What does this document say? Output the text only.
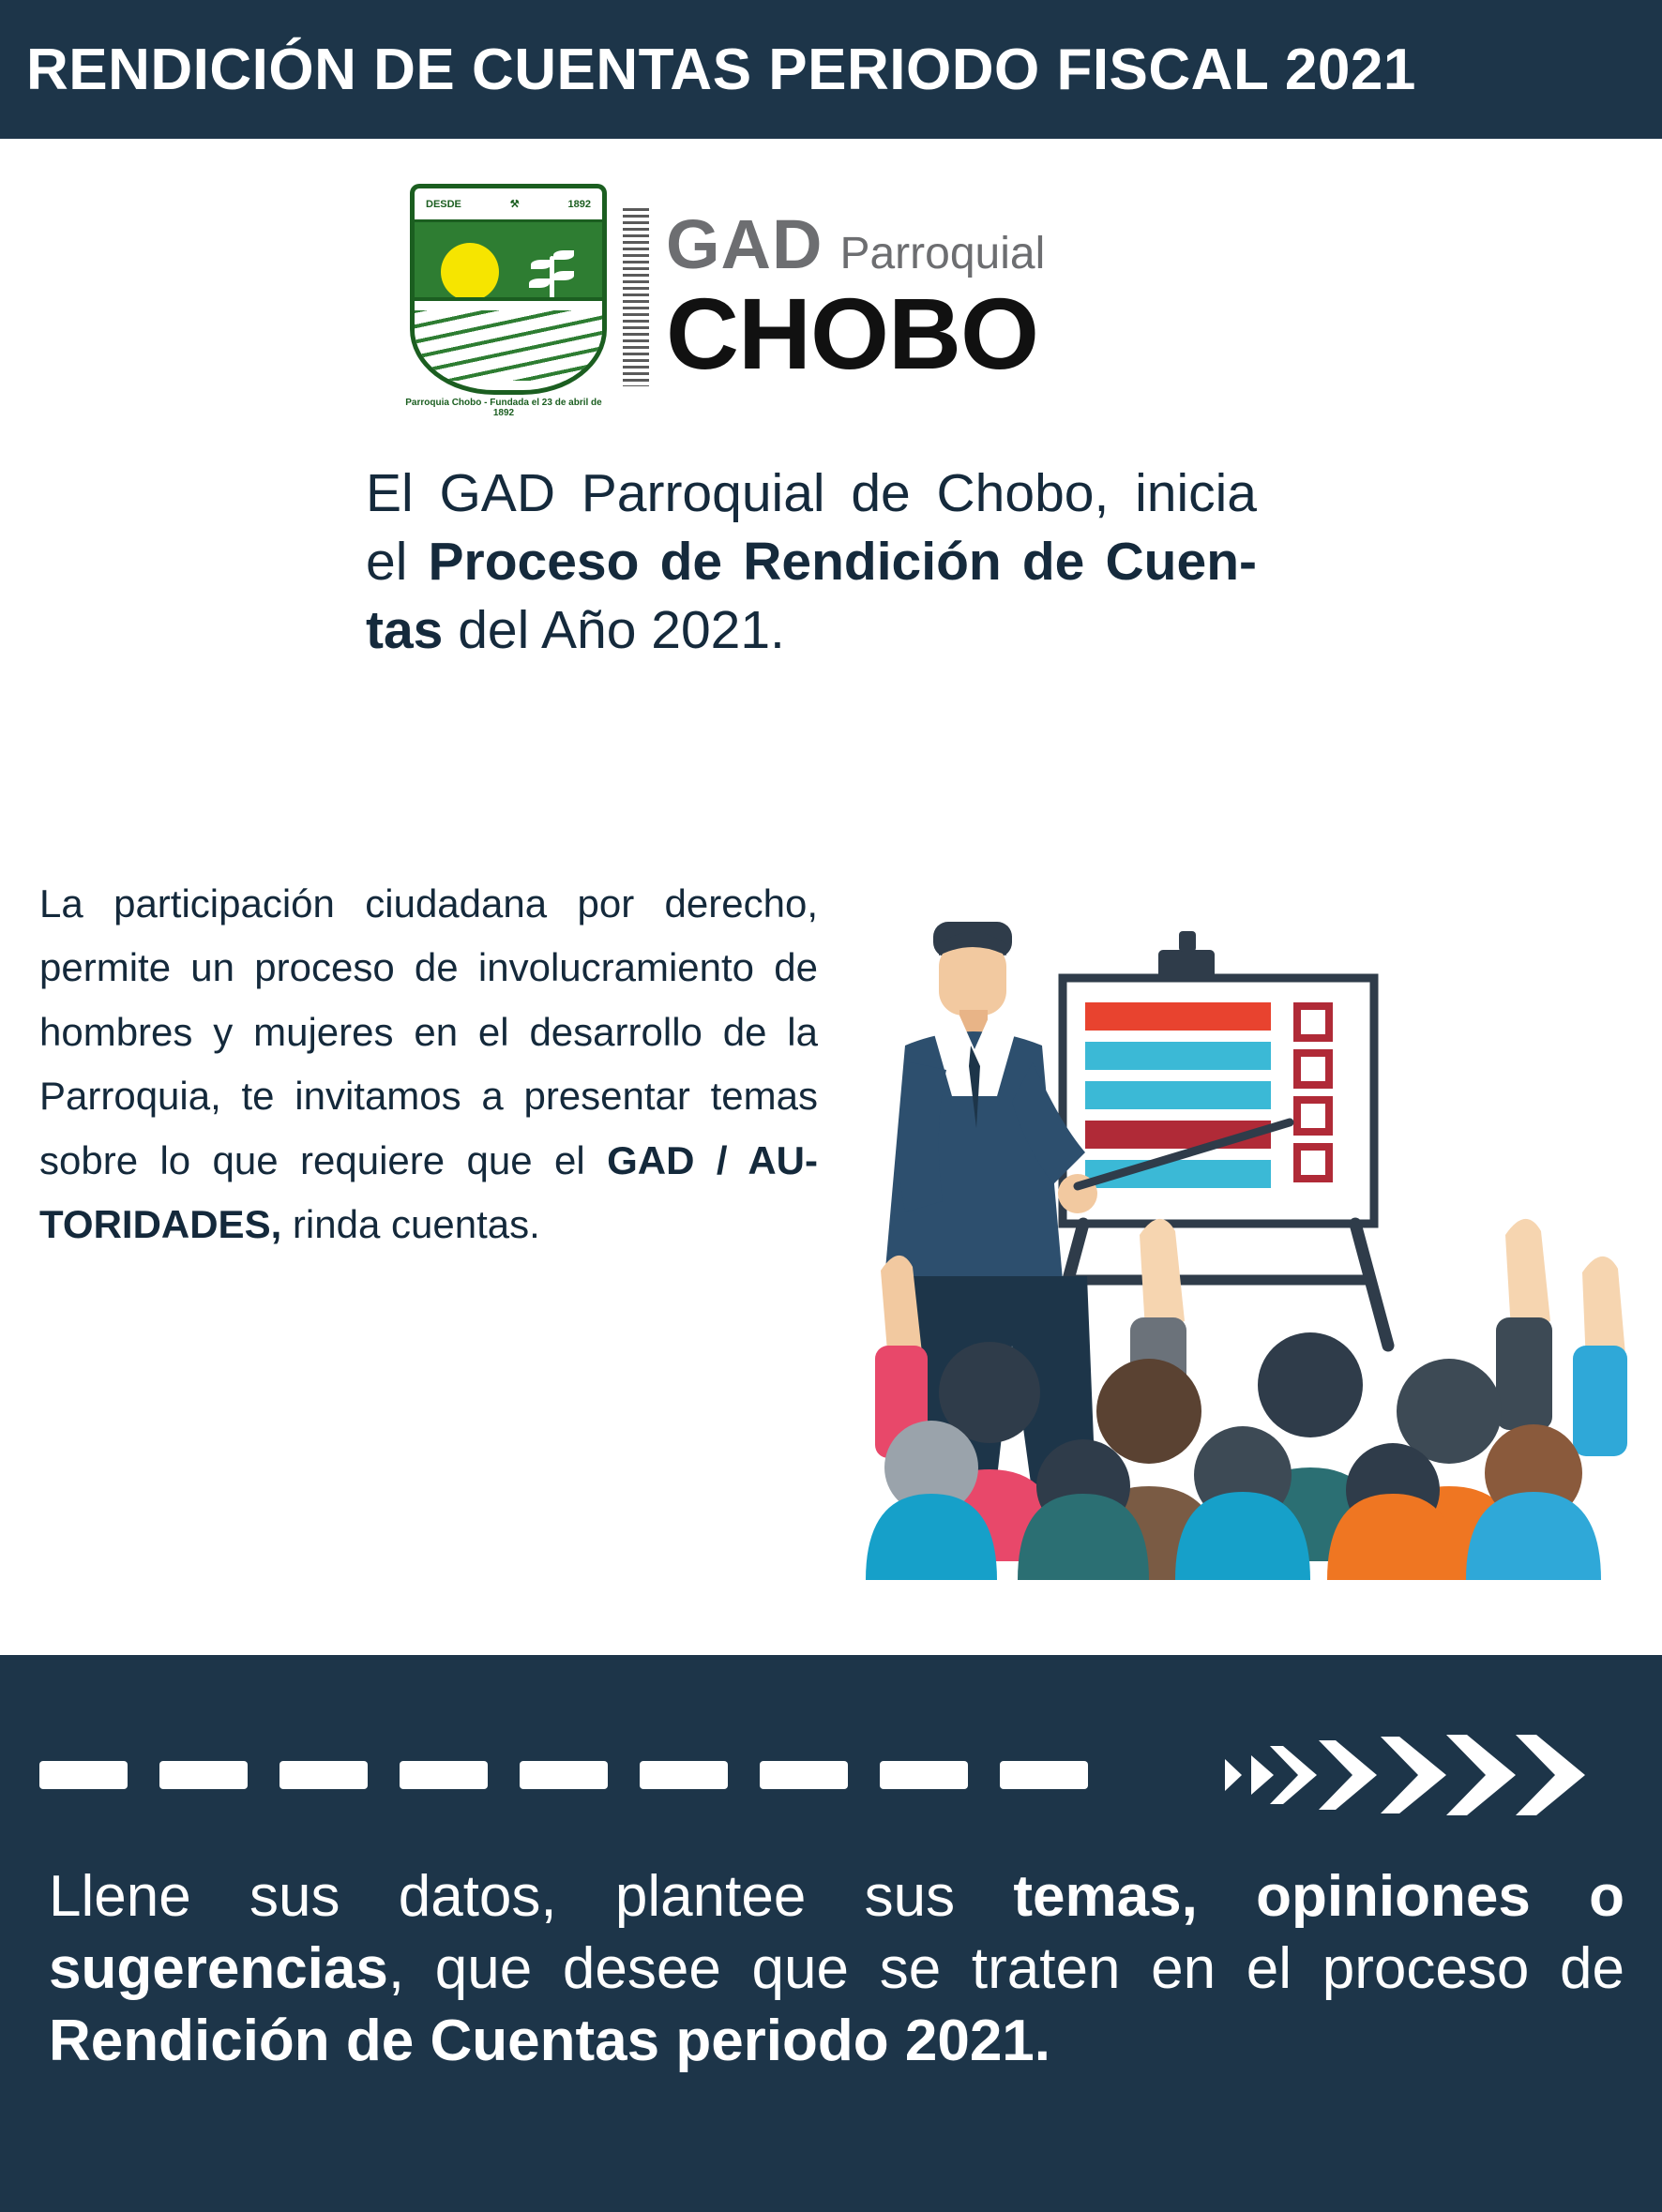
RENDICIÓN DE CUENTAS PERIODO FISCAL 2021
DESDE	⚒	1892
Parroquia Chobo - Fundada el 23 de abril de 1892
GAD Parroquial
CHOBO
El GAD Parroquial de Chobo, inicia el Proceso de Rendición de Cuentas del Año 2021.
La participación ciudadana por derecho, permite un proceso de involucramiento de hombres y mujeres en el desarrollo de la Parroquia, te invitamos a presentar temas sobre lo que requiere que el GAD / AUTORIDADES, rinda cuentas.
Llene sus datos, plantee sus temas, opiniones o sugerencias, que desee que se traten en el proceso de Rendición de Cuentas periodo 2021.
